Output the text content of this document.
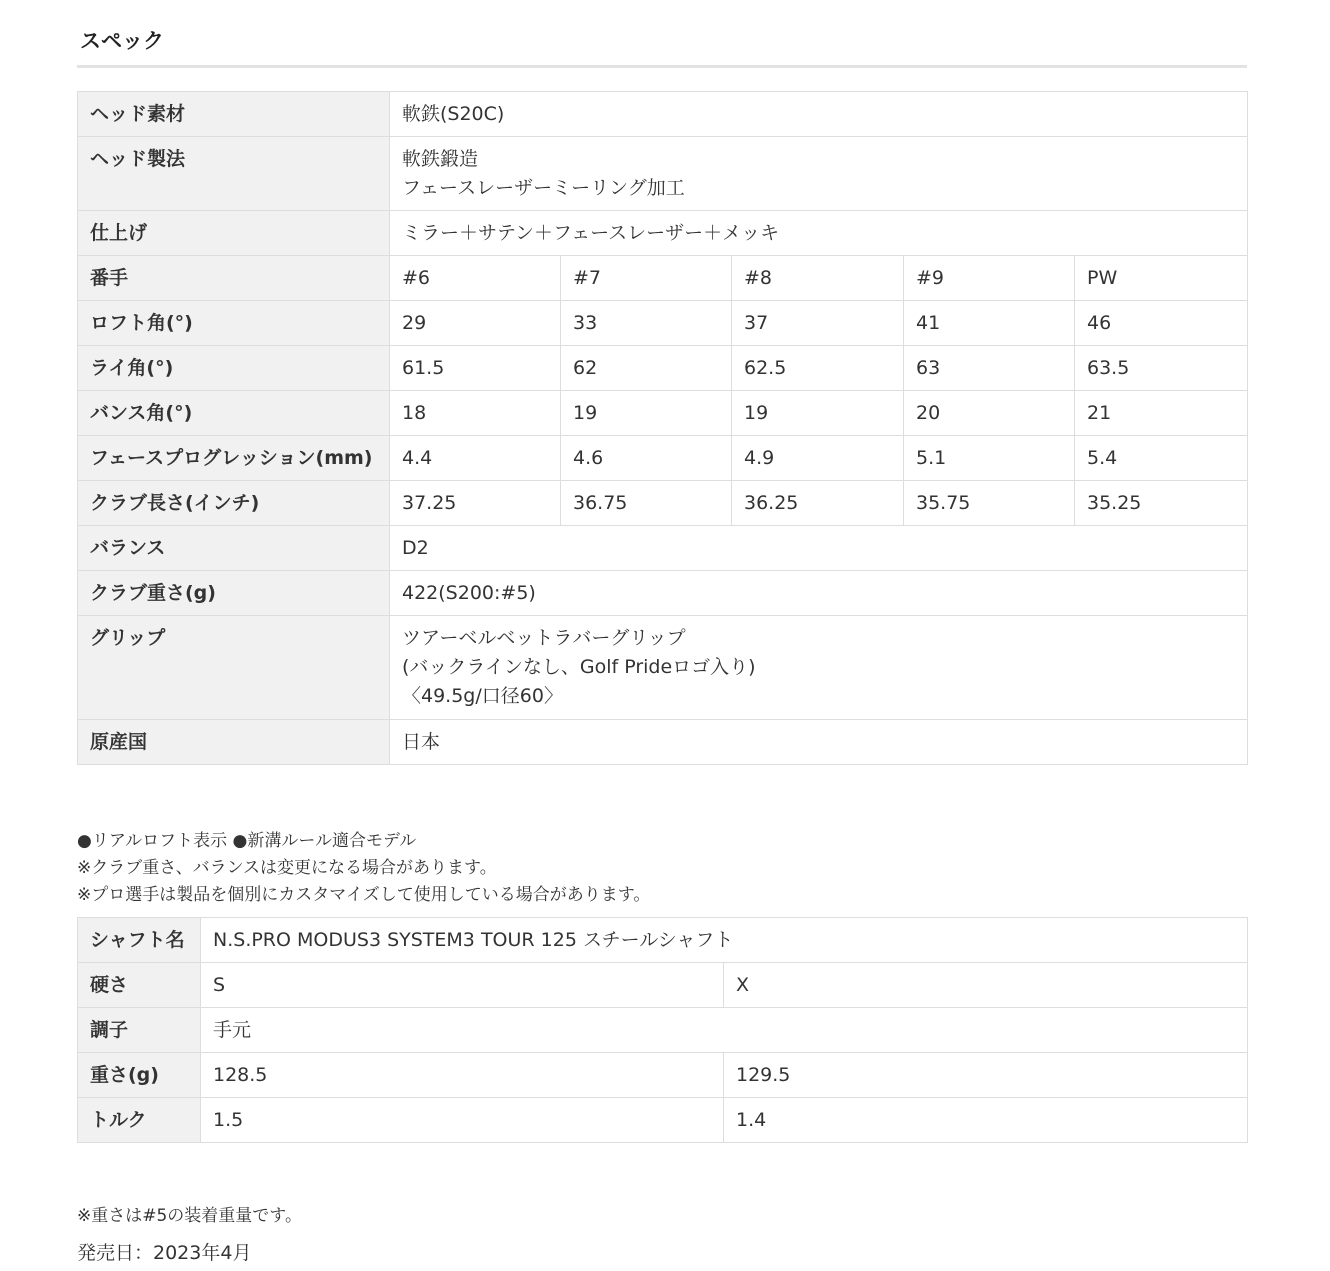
スペック
ヘッド素材	軟鉄(S20C)				
ヘッド製法	軟鉄鍛造
フェースレーザーミーリング加工				

仕上げ	ミラー＋サテン＋フェースレーザー＋メッキ				
番手	#6	#7	#8	#9	PW
ロフト角(°)	29	33	37	41	46
ライ角(°)	61.5	62	62.5	63	63.5
バンス角(°)	18	19	19	20	21
フェースプログレッション(mm)	4.4	4.6	4.9	5.1	5.4
クラブ長さ(インチ)	37.25	36.75	36.25	35.75	35.25
バランス	D2				
クラブ重さ(g)	422(S200:#5)				
グリップ	ツアーベルベットラバーグリップ
(バックラインなし、Golf Prideロゴ入り)
〈49.5g/口径60〉				

原産国	日本				
●リアルロフト表示 ●新溝ルール適合モデル
※クラブ重さ、バランスは変更になる場合があります。
※プロ選手は製品を個別にカスタマイズして使用している場合があります。
シャフト名	N.S.PRO MODUS3 SYSTEM3 TOUR 125 スチールシャフト	
硬さ	S	X
調子	手元	
重さ(g)	128.5	129.5
トルク	1.5	1.4
※重さは#5の装着重量です。
発売日：2023年4月
